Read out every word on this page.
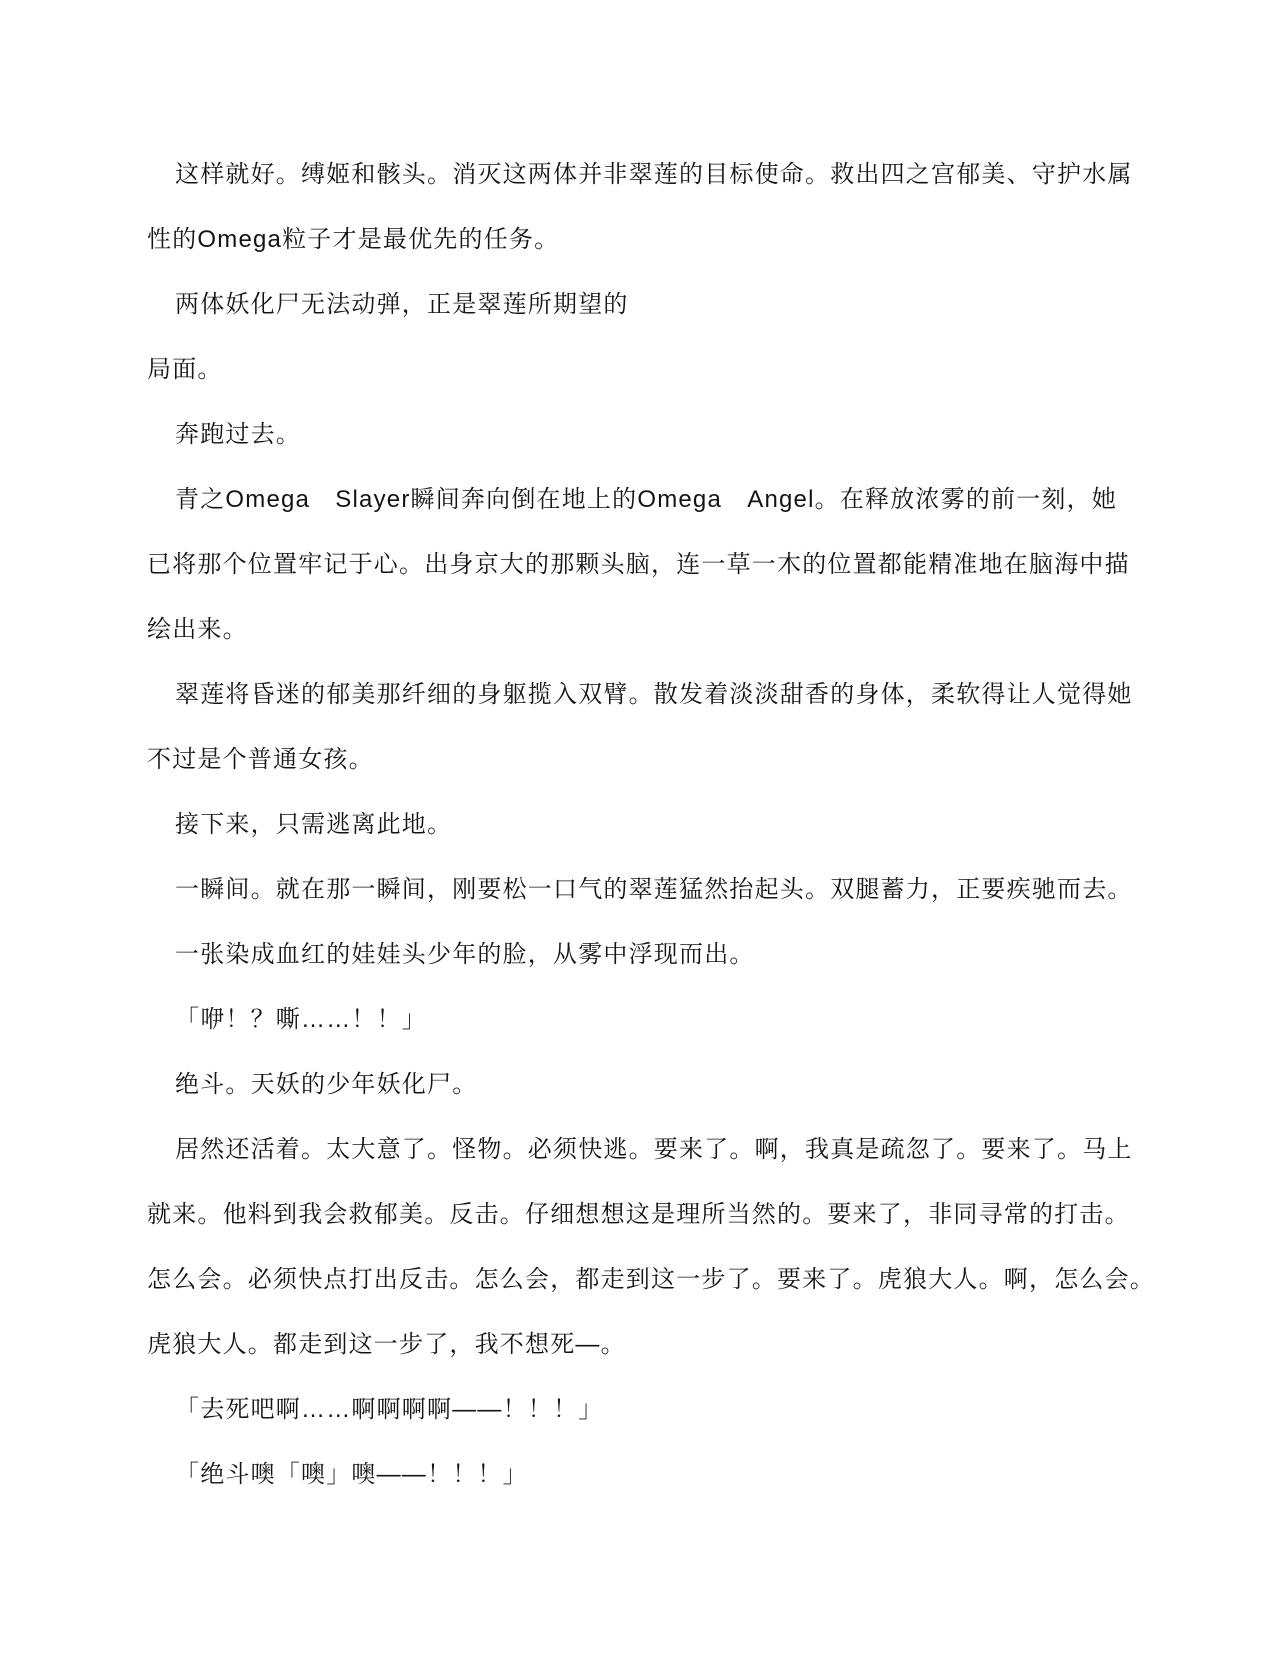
这样就好。缚姬和骸头。消灭这两体并非翠莲的目标使命。救出四之宫郁美、守护水属

性的Omega粒子才是最优先的任务。

两体妖化尸无法动弹，正是翠莲所期望的

局面。

奔跑过去。

青之Omega　Slayer瞬间奔向倒在地上的Omega　Angel。在释放浓雾的前一刻，她

已将那个位置牢记于心。出身京大的那颗头脑，连一草一木的位置都能精准地在脑海中描

绘出来。

翠莲将昏迷的郁美那纤细的身躯揽入双臂。散发着淡淡甜香的身体，柔软得让人觉得她

不过是个普通女孩。

接下来，只需逃离此地。

一瞬间。就在那一瞬间，刚要松一口气的翠莲猛然抬起头。双腿蓄力，正要疾驰而去。

一张染成血红的娃娃头少年的脸，从雾中浮现而出。

「咿！？嘶……！！」

绝斗。天妖的少年妖化尸。

居然还活着。太大意了。怪物。必须快逃。要来了。啊，我真是疏忽了。要来了。马上

就来。他料到我会救郁美。反击。仔细想想这是理所当然的。要来了，非同寻常的打击。

怎么会。必须快点打出反击。怎么会，都走到这一步了。要来了。虎狼大人。啊，怎么会。

虎狼大人。都走到这一步了，我不想死—。

「去死吧啊……啊啊啊啊——！！！」

「绝斗噢「噢」噢——！！！」
